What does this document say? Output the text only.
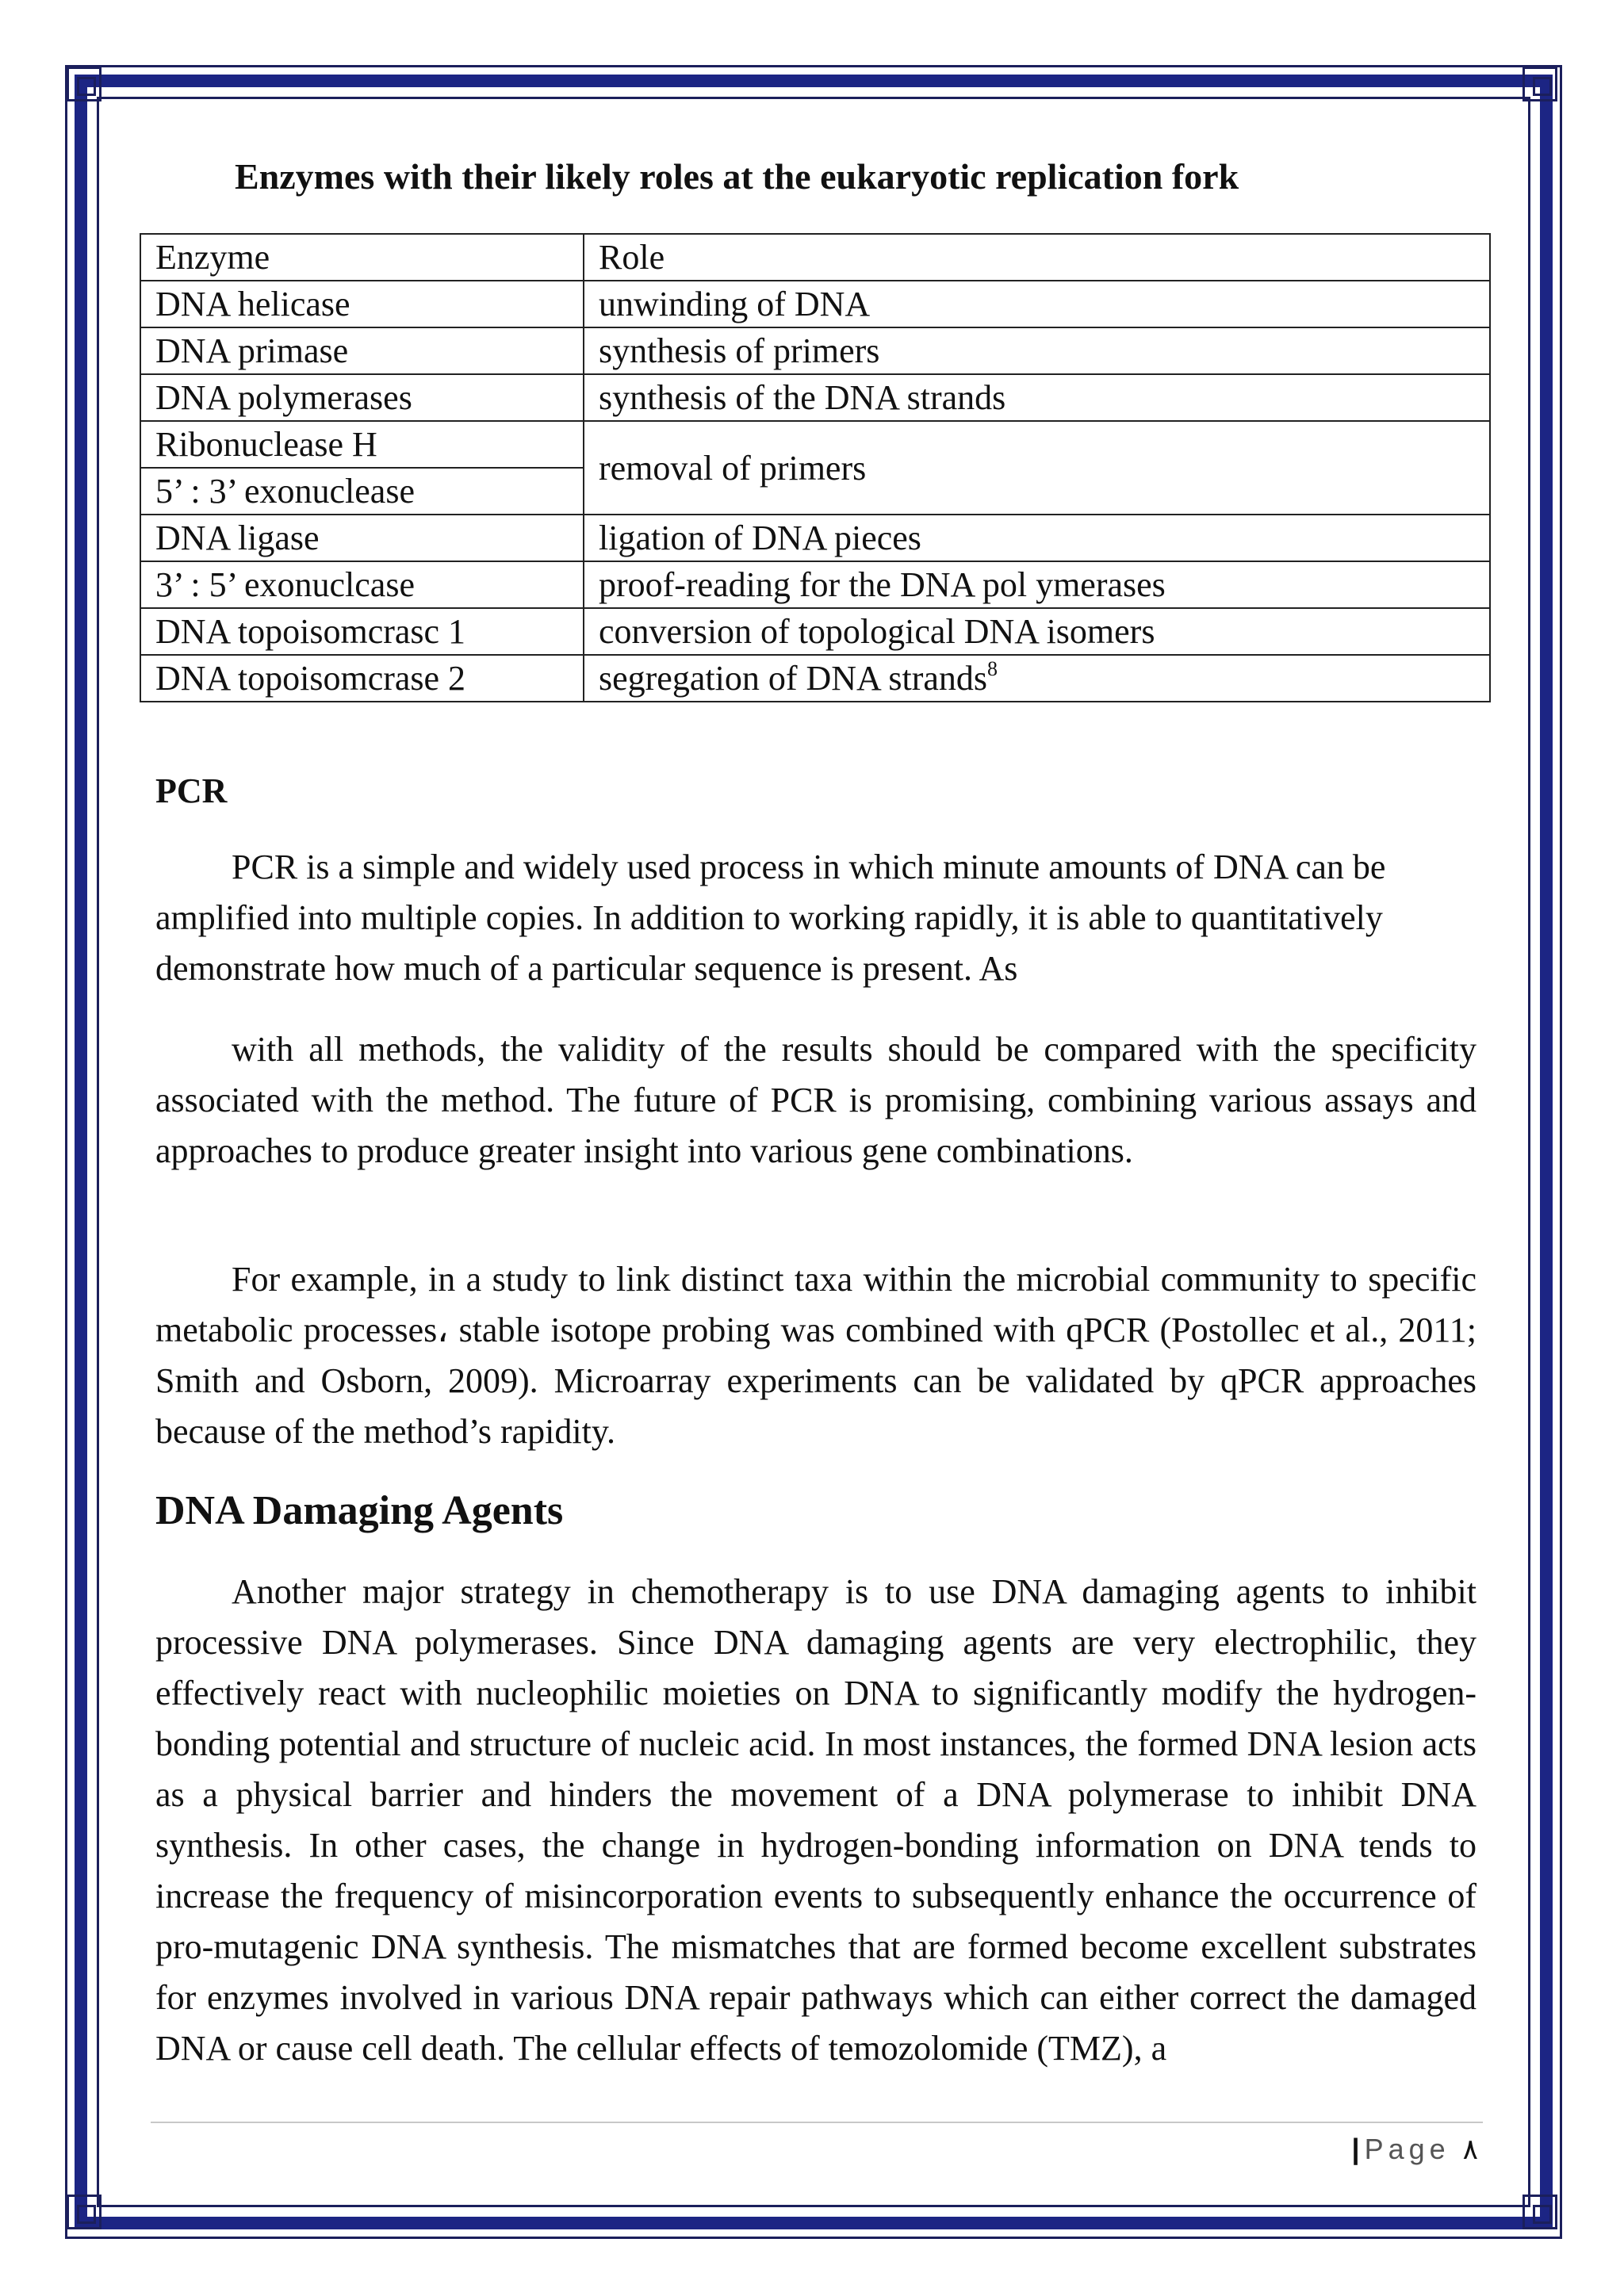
Enzymes with their likely roles at the eukaryotic replication fork
Enzyme	Role
DNA helicase	unwinding of DNA
DNA primase	synthesis of primers
DNA polymerases	synthesis of the DNA strands
Ribonuclease H	removal of primers
5’ : 3’ exonuclease	
DNA ligase	ligation of DNA pieces
3’ : 5’ exonuclcase	proof-reading for the DNA pol ymerases
DNA topoisomcrasc 1	conversion of topological DNA isomers
DNA topoisomcrase 2	segregation of DNA strands$^8$
PCR

PCR is a simple and widely used process in which minute amounts of DNA can be amplified into multiple copies. In addition to working rapidly, it is able to quantitatively demonstrate how much of a particular sequence is present. As

with all methods, the validity of the results should be compared with the specificity associated with the method. The future of PCR is promising, combining various assays and approaches to produce greater insight into various gene combinations.

For example, in a study to link distinct taxa within the microbial community to specific metabolic processes، stable isotope probing was combined with qPCR (Postollec et al., 2011; Smith and Osborn, 2009). Microarray experiments can be validated by qPCR approaches because of the method’s rapidity.

DNA Damaging Agents

Another major strategy in chemotherapy is to use DNA damaging agents to inhibit processive DNA polymerases. Since DNA damaging agents are very electrophilic, they effectively react with nucleophilic moieties on DNA to significantly modify the hydrogen-bonding potential and structure of nucleic acid. In most instances, the formed DNA lesion acts as a physical barrier and hinders the movement of a DNA polymerase to inhibit DNA synthesis. In other cases, the change in hydrogen-bonding information on DNA tends to increase the frequency of misincorporation events to subsequently enhance the occurrence of pro-mutagenic DNA synthesis. The mismatches that are formed become excellent substrates for enzymes involved in various DNA repair pathways which can either correct the damaged DNA or cause cell death. The cellular effects of temozolomide (TMZ), a

| Page ٨
